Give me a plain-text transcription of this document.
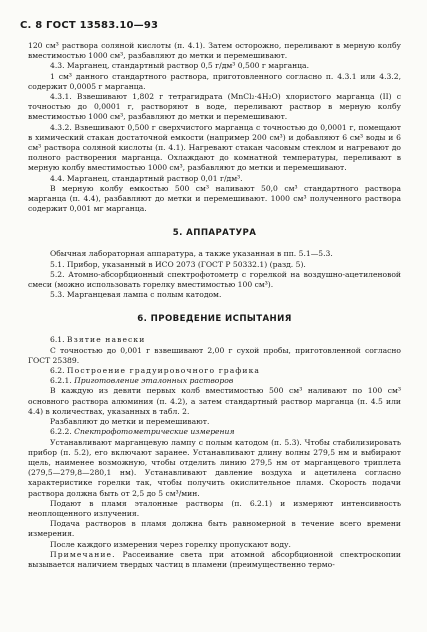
С. 8 ГОСТ 13583.10—93

120 см³ раствора соляной кислоты (п. 4.1). Затем осторожно, переливают в мерную колбу вместимостью 1000 см³, разбавляют до метки и перемешивают.

4.3. Марганец, стандартный раствор 0,5 г/дм³ 0,500 г марганца.

1 см³ данного стандартного раствора, приготовленного согласно п. 4.3.1 или 4.3.2, содержит 0,0005 г марганца.

4.3.1. Взвешивают 1,802 г тетрагидрата (MnCl₂·4H₂O) хлористого марганца (II) с точностью до 0,0001 г, растворяют в воде, переливают раствор в мерную колбу вместимостью 1000 см³, разбавляют до метки и перемешивают.

4.3.2. Взвешивают 0,500 г сверхчистого марганца с точностью до 0,0001 г, помещают в химический стакан достаточной емкости (например 200 см³) и добавляют 6 см³ воды и 6 см³ раствора соляной кислоты (п. 4.1). Нагревают стакан часовым стеклом и нагревают до полного растворения марганца. Охлаждают до комнатной температуры, переливают в мерную колбу вместимостью 1000 см³, разбавляют до метки и перемешивают.

4.4. Марганец, стандартный раствор 0,01 г/дм³.

В мерную колбу емкостью 500 см³ наливают 50,0 см³ стандартного раствора марганца (п. 4.4), разбавляют до метки и перемешивают. 1000 см³ полученного раствора содержит 0,001 мг марганца.

5. АППАРАТУРА

Обычная лабораторная аппаратура, а также указанная в пп. 5.1—5.3.

5.1. Прибор, указанный в ИСО 2073 (ГОСТ Р 50332.1) (разд. 5).

5.2. Атомно-абсорбционный спектрофотометр с горелкой на воздушно-ацетиленовой смеси (можно использовать горелку вместимостью 100 см³).

5.3. Марганцевая лампа с полым катодом.

6. ПРОВЕДЕНИЕ ИСПЫТАНИЯ

6.1. Взятие навески

С точностью до 0,001 г взвешивают 2,00 г сухой пробы, приготовленной согласно ГОСТ 25389.

6.2. Построение градуировочного графика

6.2.1. Приготовление эталонных растворов

В каждую из девяти первых колб вместимостью 500 см³ наливают по 100 см³ основного раствора алюминия (п. 4.2), а затем стандартный раствор марганца (п. 4.5 или 4.4) в количествах, указанных в табл. 2.

Разбавляют до метки и перемешивают.

6.2.2. Спектрофотометрические измерения

Устанавливают марганцевую лампу с полым катодом (п. 5.3). Чтобы стабилизировать прибор (п. 5.2), его включают заранее. Устанавливают длину волны 279,5 нм и выбирают щель, наименее возможную, чтобы отделить линию 279,5 нм от марганцевого триплета (279,5—279,8—280,1 нм). Устанавливают давление воздуха и ацетилена согласно характеристике горелки так, чтобы получить окислительное пламя. Скорость подачи раствора должна быть от 2,5 до 5 см³/мин.

Подают в пламя эталонные растворы (п. 6.2.1) и измеряют интенсивность неоплощенного излучения.

Подача растворов в пламя должна быть равномерной в течение всего времени измерения.

После каждого измерения через горелку пропускают воду.

Примечание. Рассеивание света при атомной абсорбционной спектроскопии вызывается наличием твердых частиц в пламени (преимущественно термо-
